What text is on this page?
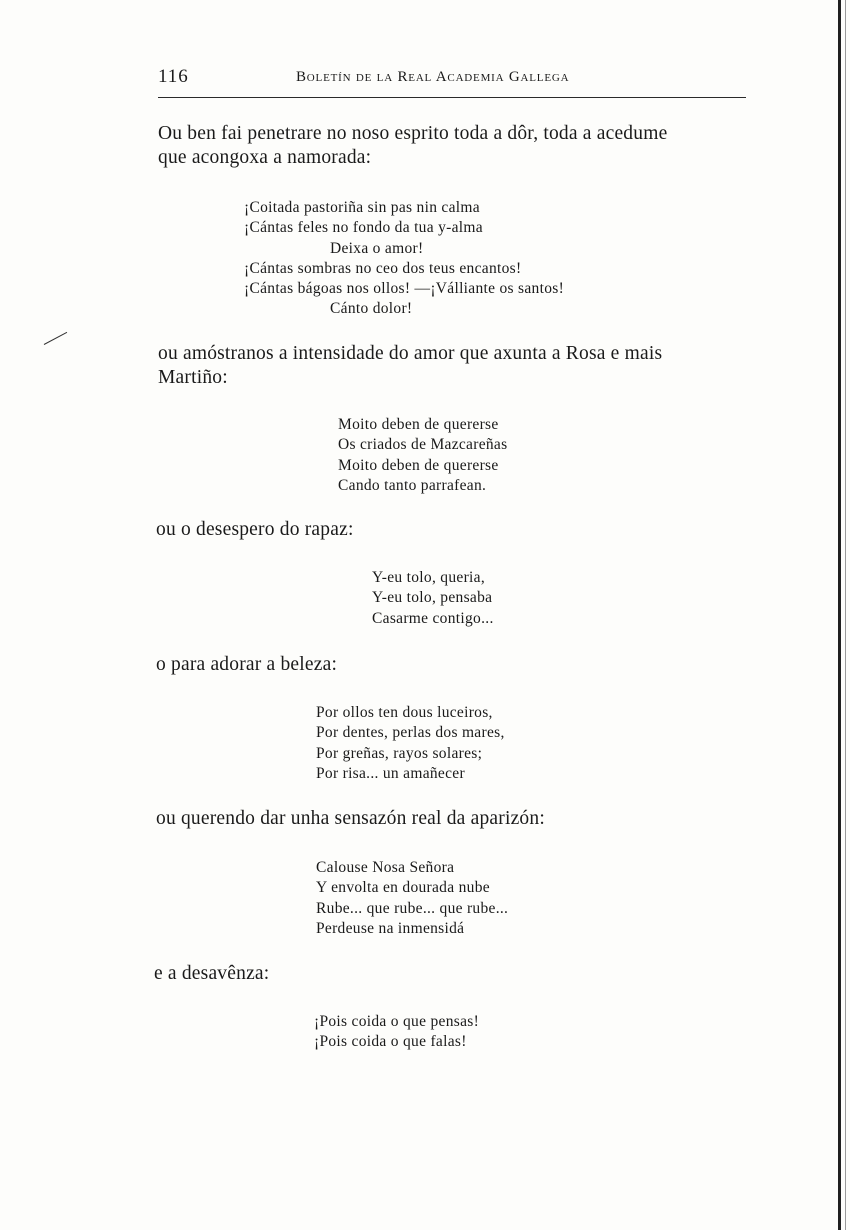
116	Boletín de la Real Academia Gallega
Ou ben fai penetrare no noso esprito toda a dôr, toda a acedume
que acongoxa a namorada:
¡Coitada pastoriña sin pas nin calma
¡Cántas feles no fondo da tua y-alma
Deixa o amor!
¡Cántas sombras no ceo dos teus encantos!
¡Cántas bágoas nos ollos! —¡Válliante os santos!
Cánto dolor!
ou amóstranos a intensidade do amor que axunta a Rosa e mais
Martiño:
Moito deben de quererse
Os criados de Mazcareñas
Moito deben de quererse
Cando tanto parrafean.
ou o desespero do rapaz:
Y-eu tolo, queria,
Y-eu tolo, pensaba
Casarme contigo...
o para adorar a beleza:
Por ollos ten dous luceiros,
Por dentes, perlas dos mares,
Por greñas, rayos solares;
Por risa... un amañecer
ou querendo dar unha sensazón real da aparizón:
Calouse Nosa Señora
Y envolta en dourada nube
Rube... que rube... que rube...
Perdeuse na inmensidá
e a desavênza:
¡Pois coida o que pensas!
¡Pois coida o que falas!
